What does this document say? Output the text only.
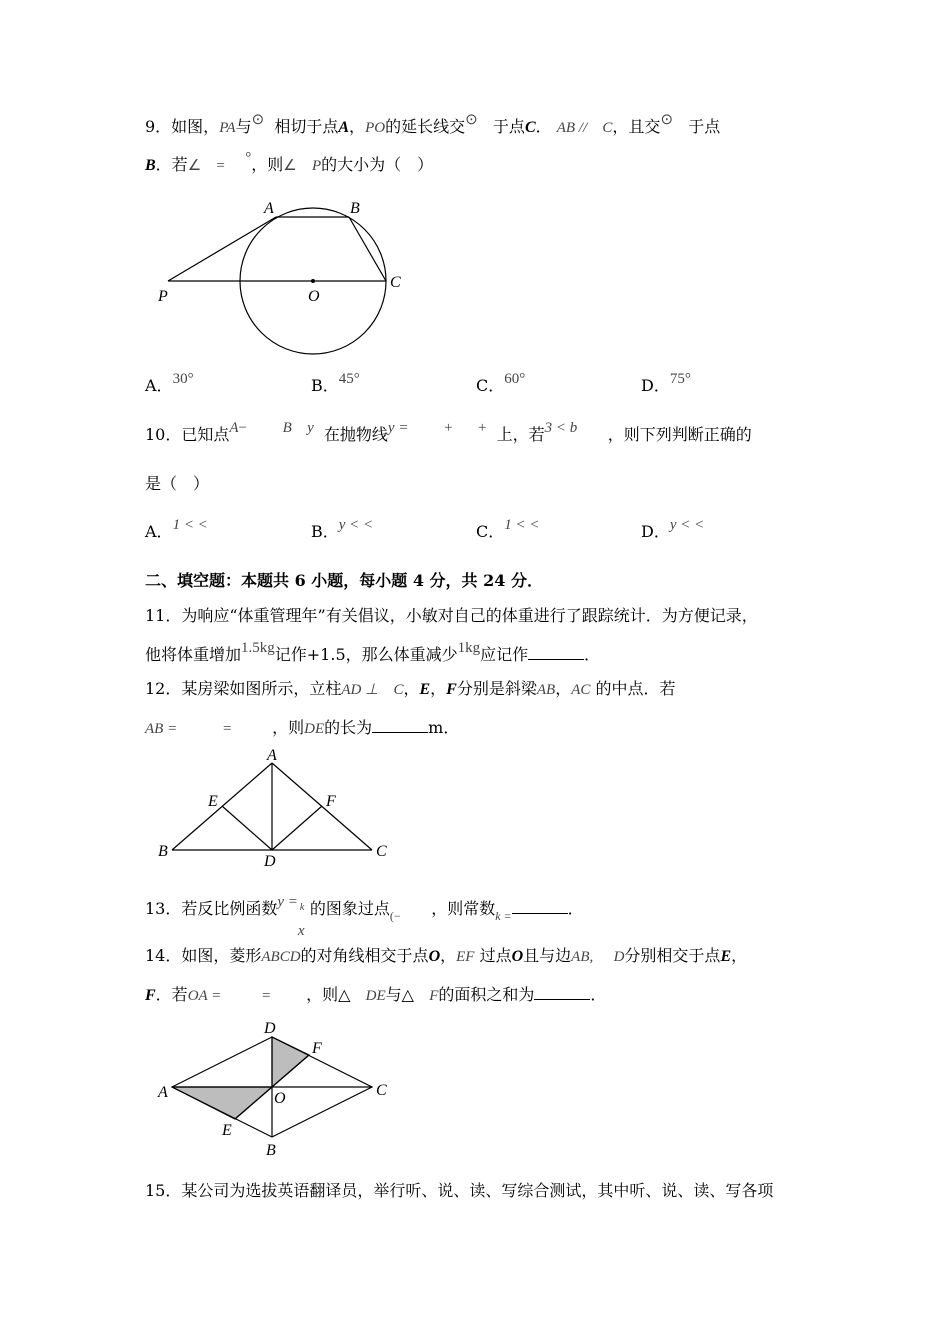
9．如图，PA与⊙ 相切于点A，PO的延长线交⊙ 于点C． AB // C，且交⊙ 于点
B．若∠ = °，则∠ P的大小为（　）
A	B
C
P	O
A．30°	B．45°	C．60°	D．75°
10．已知点A− B y 在抛物线y = + + 上，若3 < b ，则下列判断正确的
是（　）
A．1 < <	B．y < <	C．1 < <	D．y < <
二、填空题：本题共 6 小题，每小题 4 分，共 24 分．
11．为响应“体重管理年”有关倡议，小敏对自己的体重进行了跟踪统计．为方便记录，
他将体重增加1.5kg记作+1.5，那么体重减少1kg应记作	．
12．某房梁如图所示，立柱AD ⊥ C，E，F分别是斜梁AB，AC 的中点．若
AB =	=	，则DE的长为	m．
A
B	C
D
E	F
13．若反比例函数y = k
x
的图象过点$_{(-}$ ，则常数$_{k =}$	．
14．如图，菱形ABCD的对角线相交于点O，EF 过点O且与边AB, D分别相交于点E，
F．若OA =	= ，则△ DE与△ F的面积之和为	．
A
B
C
D
E
F
O
15．某公司为选拔英语翻译员，举行听、说、读、写综合测试，其中听、说、读、写各项
